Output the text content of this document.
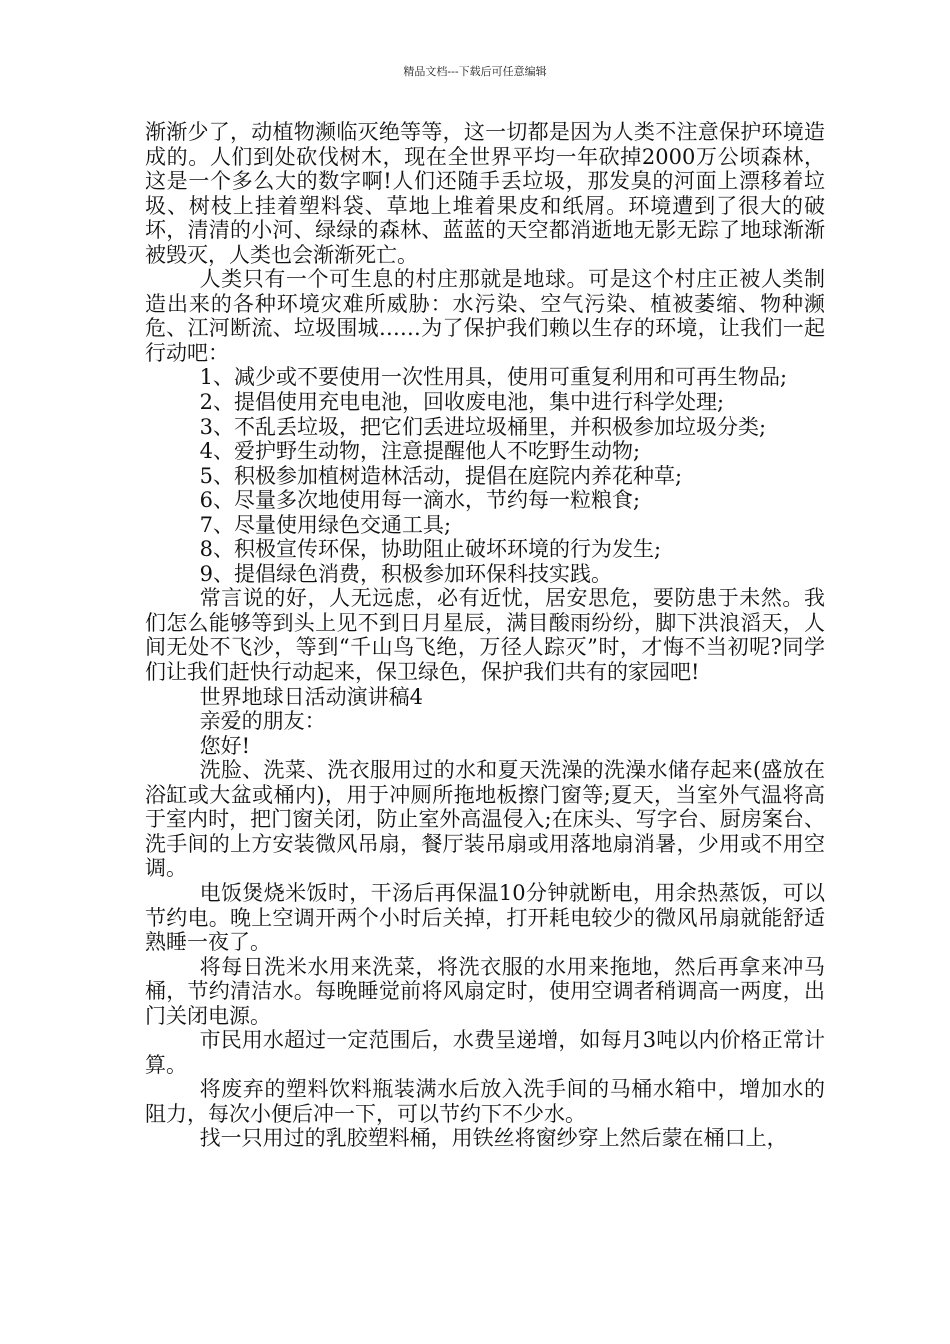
精品文档---下载后可任意编辑

渐渐少了，动植物濒临灭绝等等，这一切都是因为人类不注意保护环境造成的。人们到处砍伐树木，现在全世界平均一年砍掉2000万公顷森林，这是一个多么大的数字啊!人们还随手丢垃圾，那发臭的河面上漂移着垃圾、树枝上挂着塑料袋、草地上堆着果皮和纸屑。环境遭到了很大的破坏，清清的小河、绿绿的森林、蓝蓝的天空都消逝地无影无踪了地球渐渐被毁灭，人类也会渐渐死亡。

人类只有一个可生息的村庄那就是地球。可是这个村庄正被人类制造出来的各种环境灾难所威胁：水污染、空气污染、植被萎缩、物种濒危、江河断流、垃圾围城……为了保护我们赖以生存的环境，让我们一起行动吧：

1、减少或不要使用一次性用具，使用可重复利用和可再生物品;

2、提倡使用充电电池，回收废电池，集中进行科学处理;

3、不乱丢垃圾，把它们丢进垃圾桶里，并积极参加垃圾分类;

4、爱护野生动物，注意提醒他人不吃野生动物;

5、积极参加植树造林活动，提倡在庭院内养花种草;

6、尽量多次地使用每一滴水，节约每一粒粮食;

7、尽量使用绿色交通工具;

8、积极宣传环保，协助阻止破坏环境的行为发生;

9、提倡绿色消费，积极参加环保科技实践。

常言说的好，人无远虑，必有近忧，居安思危，要防患于未然。我们怎么能够等到头上见不到日月星辰，满目酸雨纷纷，脚下洪浪滔天，人间无处不飞沙，等到“千山鸟飞绝，万径人踪灭”时，才悔不当初呢?同学们让我们赶快行动起来，保卫绿色，保护我们共有的家园吧!

世界地球日活动演讲稿4

亲爱的朋友：

您好!

洗脸、洗菜、洗衣服用过的水和夏天洗澡的洗澡水储存起来(盛放在浴缸或大盆或桶内)，用于冲厕所拖地板擦门窗等;夏天，当室外气温将高于室内时，把门窗关闭，防止室外高温侵入;在床头、写字台、厨房案台、洗手间的上方安装微风吊扇，餐厅装吊扇或用落地扇消暑，少用或不用空调。

电饭煲烧米饭时，干汤后再保温10分钟就断电，用余热蒸饭，可以节约电。晚上空调开两个小时后关掉，打开耗电较少的微风吊扇就能舒适熟睡一夜了。

将每日洗米水用来洗菜，将洗衣服的水用来拖地，然后再拿来冲马桶，节约清洁水。每晚睡觉前将风扇定时，使用空调者稍调高一两度，出门关闭电源。

市民用水超过一定范围后，水费呈递增，如每月3吨以内价格正常计算。

将废弃的塑料饮料瓶装满水后放入洗手间的马桶水箱中，增加水的阻力，每次小便后冲一下，可以节约下不少水。

找一只用过的乳胶塑料桶，用铁丝将窗纱穿上然后蒙在桶口上，
